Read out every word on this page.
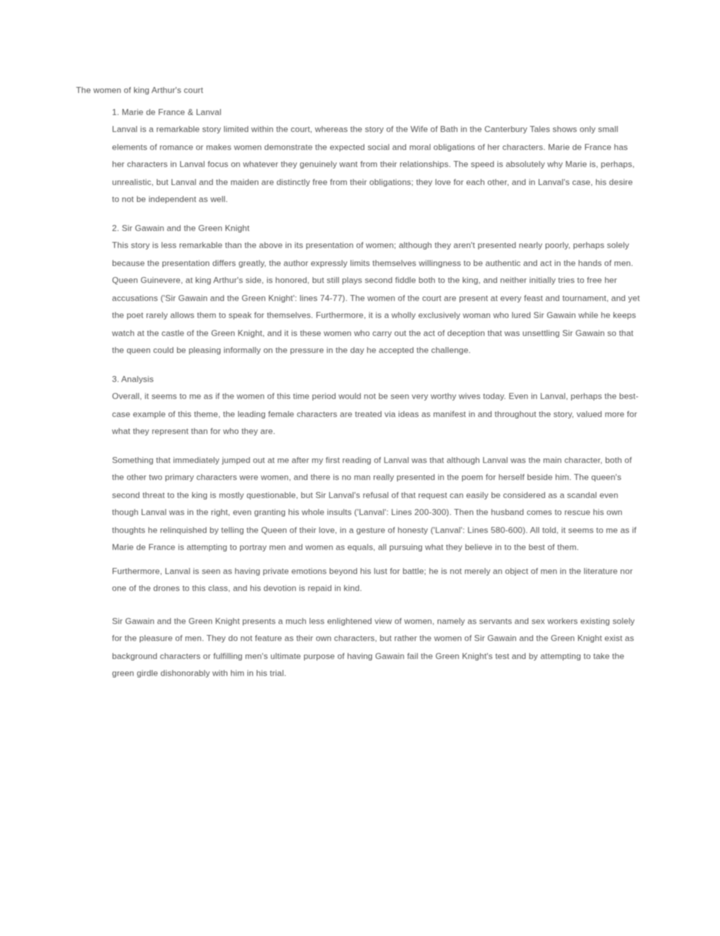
The women of king Arthur's court

1. Marie de France & Lanval

Lanval is a remarkable story limited within the court, whereas the story of the Wife of Bath in the Canterbury Tales shows only small elements of romance or makes women demonstrate the expected social and moral obligations of her characters. Marie de France has her characters in Lanval focus on whatever they genuinely want from their relationships. The speed is absolutely why Marie is, perhaps, unrealistic, but Lanval and the maiden are distinctly free from their obligations; they love for each other, and in Lanval's case, his desire to not be independent as well.

2. Sir Gawain and the Green Knight

This story is less remarkable than the above in its presentation of women; although they aren't presented nearly poorly, perhaps solely because the presentation differs greatly, the author expressly limits themselves willingness to be authentic and act in the hands of men. Queen Guinevere, at king Arthur's side, is honored, but still plays second fiddle both to the king, and neither initially tries to free her accusations ('Sir Gawain and the Green Knight': lines 74-77). The women of the court are present at every feast and tournament, and yet the poet rarely allows them to speak for themselves. Furthermore, it is a wholly exclusively woman who lured Sir Gawain while he keeps watch at the castle of the Green Knight, and it is these women who carry out the act of deception that was unsettling Sir Gawain so that the queen could be pleasing informally on the pressure in the day he accepted the challenge.

3. Analysis

Overall, it seems to me as if the women of this time period would not be seen very worthy wives today. Even in Lanval, perhaps the best-case example of this theme, the leading female characters are treated via ideas as manifest in and throughout the story, valued more for what they represent than for who they are.

Something that immediately jumped out at me after my first reading of Lanval was that although Lanval was the main character, both of the other two primary characters were women, and there is no man really presented in the poem for herself beside him. The queen's second threat to the king is mostly questionable, but Sir Lanval's refusal of that request can easily be considered as a scandal even though Lanval was in the right, even granting his whole insults ('Lanval': Lines 200-300). Then the husband comes to rescue his own thoughts he relinquished by telling the Queen of their love, in a gesture of honesty ('Lanval': Lines 580-600). All told, it seems to me as if Marie de France is attempting to portray men and women as equals, all pursuing what they believe in to the best of them.

Furthermore, Lanval is seen as having private emotions beyond his lust for battle; he is not merely an object of men in the literature nor one of the drones to this class, and his devotion is repaid in kind.

Sir Gawain and the Green Knight presents a much less enlightened view of women, namely as servants and sex workers existing solely for the pleasure of men. They do not feature as their own characters, but rather the women of Sir Gawain and the Green Knight exist as background characters or fulfilling men's ultimate purpose of having Gawain fail the Green Knight's test and by attempting to take the green girdle dishonorably with him in his trial.
